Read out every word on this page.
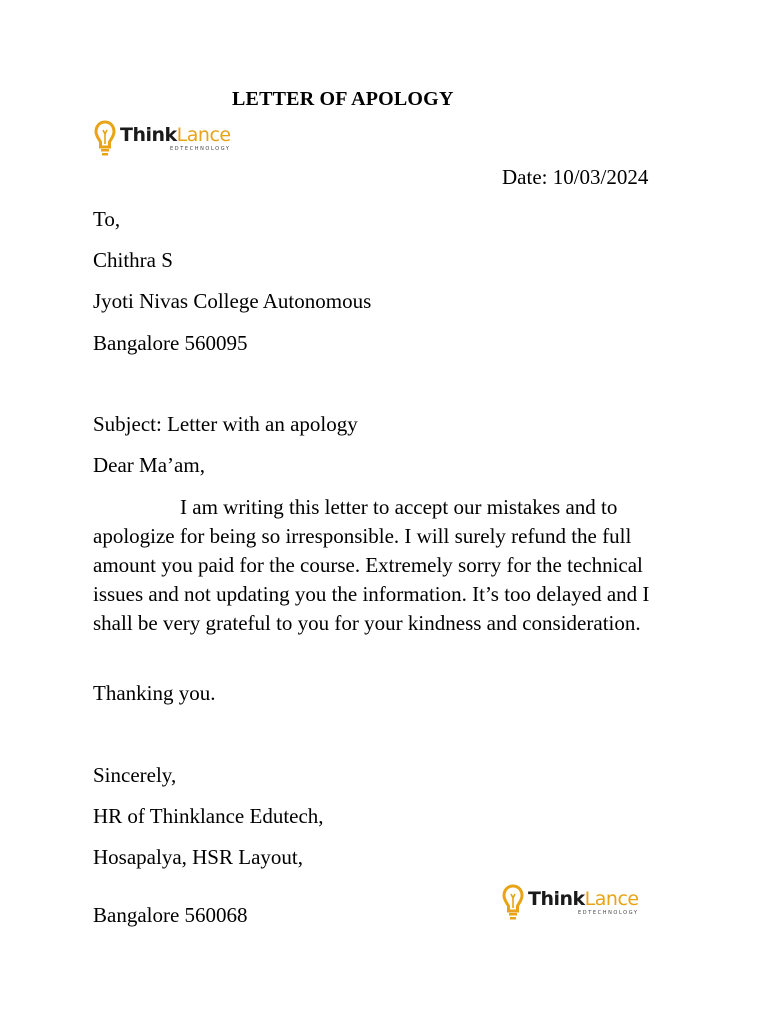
LETTER OF APOLOGY
ThinkLance
EDTECHNOLOGY
Date: 10/03/2024
To,
Chithra S
Jyoti Nivas College Autonomous
Bangalore 560095
Subject: Letter with an apology
Dear Ma’am,
I am writing this letter to accept our mistakes and to apologize for being so irresponsible. I will surely refund the full amount you paid for the course. Extremely sorry for the technical issues and not updating you the information. It’s too delayed and I shall be very grateful to you for your kindness and consideration.
Thanking you.
Sincerely,
HR of Thinklance Edutech,
Hosapalya, HSR Layout,
Bangalore 560068
ThinkLance
EDTECHNOLOGY
